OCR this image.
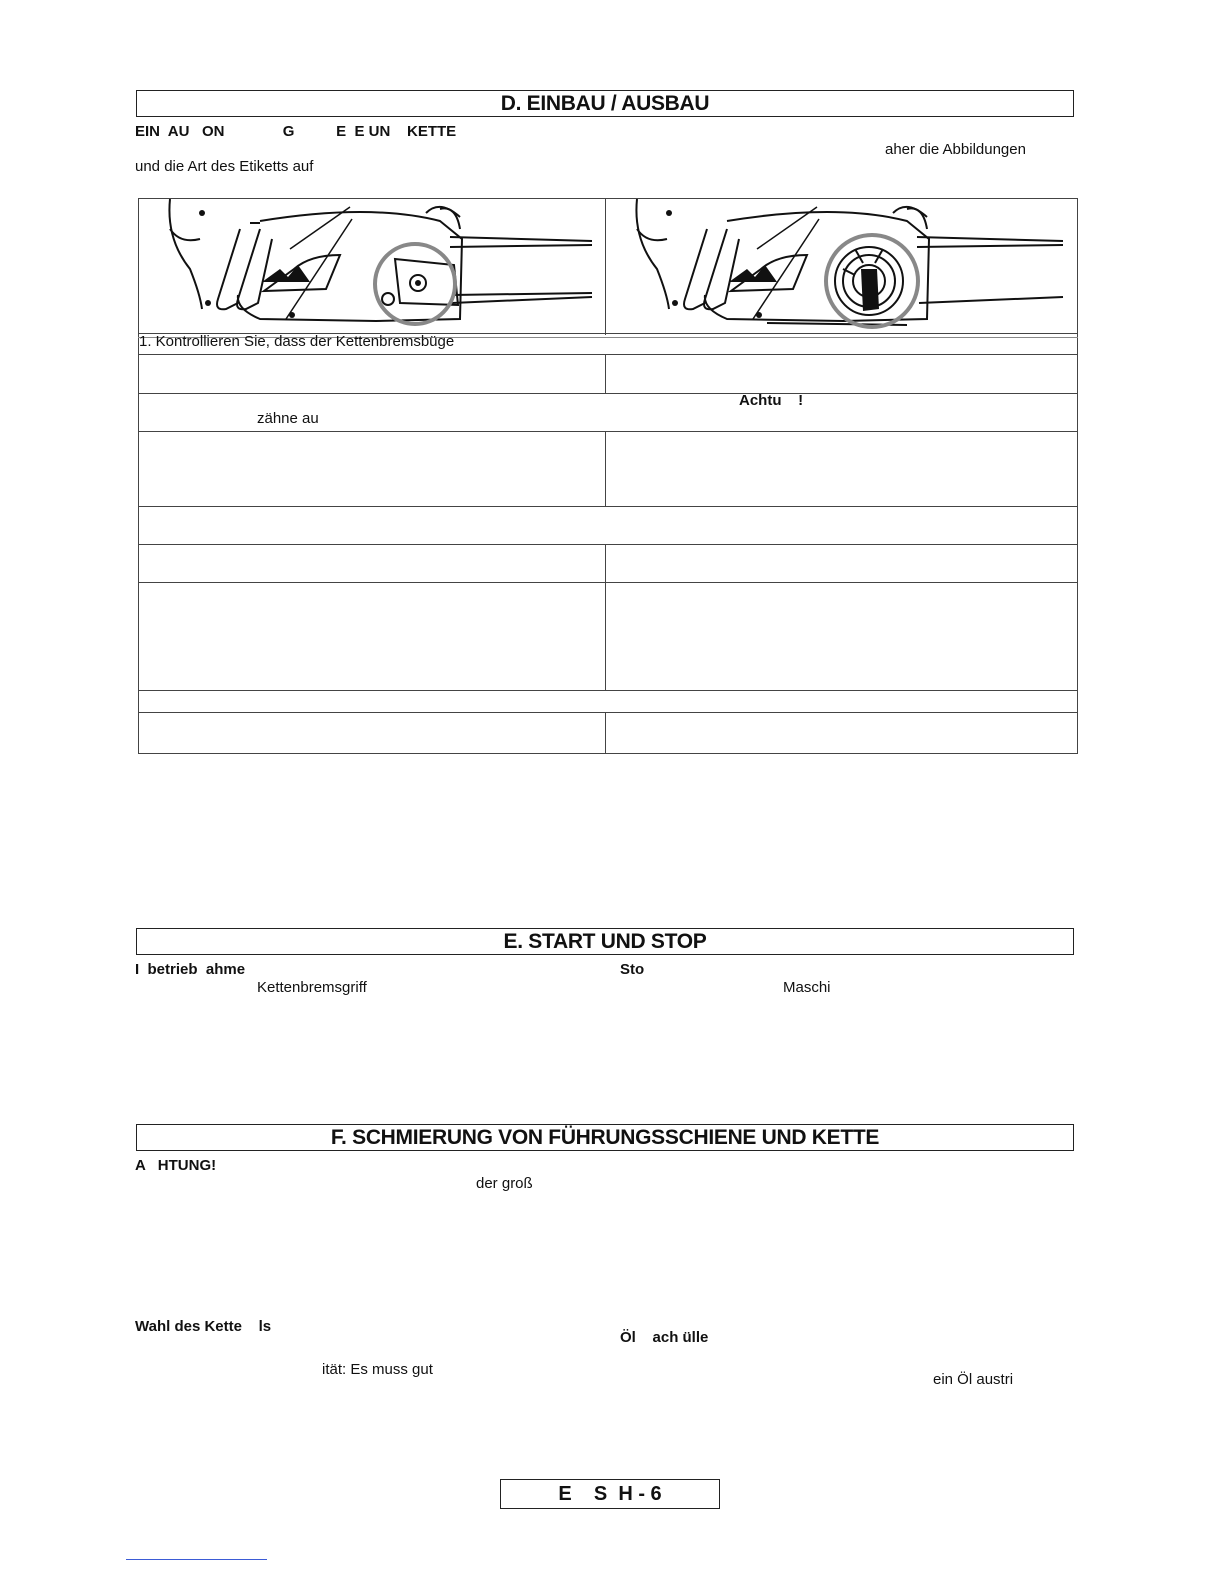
D. EINBAU / AUSBAU
EIN  AU   ON              G          E  E UN    KETTE
aher die Abbildungen
und die Art des Etiketts auf
1. Kontrollieren Sie, dass der Kettenbremsbüge
Achtu    !
zähne au
E. START UND STOP
I  betrieb  ahme
Kettenbremsgriff
Sto
Maschi
F. SCHMIERUNG VON FÜHRUNGSSCHIENE UND KETTE
A   HTUNG!
der groß
Wahl des Kette    ls
ität: Es muss gut
Öl    ach ülle
ein Öl austri
E    S  H - 6
